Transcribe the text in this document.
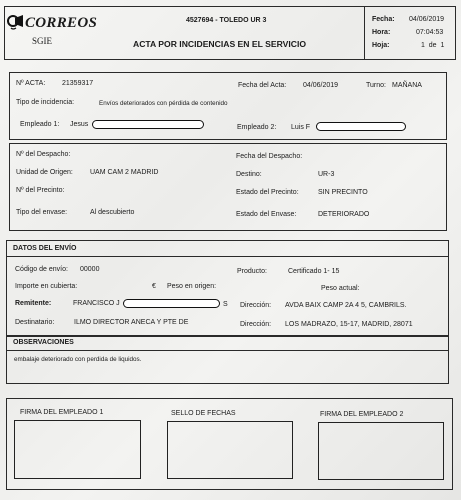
CORREOS
SGIE
4527694 - TOLEDO UR 3
ACTA POR INCIDENCIAS EN EL SERVICIO
Fecha: 04/06/2019
Hora:	07:04:53
Hoja:	1  de  1
Nº ACTA: 21359317	Fecha del Acta: 04/06/2019	Turno: MAÑANA
Tipo de incidencia:	Envíos deteriorados con pérdida de contenido
Empleado 1: Jesus	Empleado 2: Luis F
Nº del Despacho:	Fecha del Despacho:
Unidad de Origen: UAM CAM 2 MADRID	Destino:	UR-3
Nº del Precinto:	Estado del Precinto:	SIN PRECINTO
Tipo del envase:	Al descubierto	Estado del Envase:	DETERIORADO
DATOS DEL ENVÍO
Código de envío: 00000	Producto:	Certificado 1- 15
Importe en cubierta:	€ Peso en origen:	Peso actual:
Remitente:	FRANCISCO J	S Dirección: AVDA BAIX CAMP 2A 4 5, CAMBRILS.
Destinatario:	ILMO DIRECTOR ANECA Y PTE DE	Dirección: LOS MADRAZO, 15-17, MADRID, 28071
OBSERVACIONES
embalaje deteriorado con perdida de liquidos.
FIRMA DEL EMPLEADO 1	SELLO DE FECHAS	FIRMA DEL EMPLEADO 2
